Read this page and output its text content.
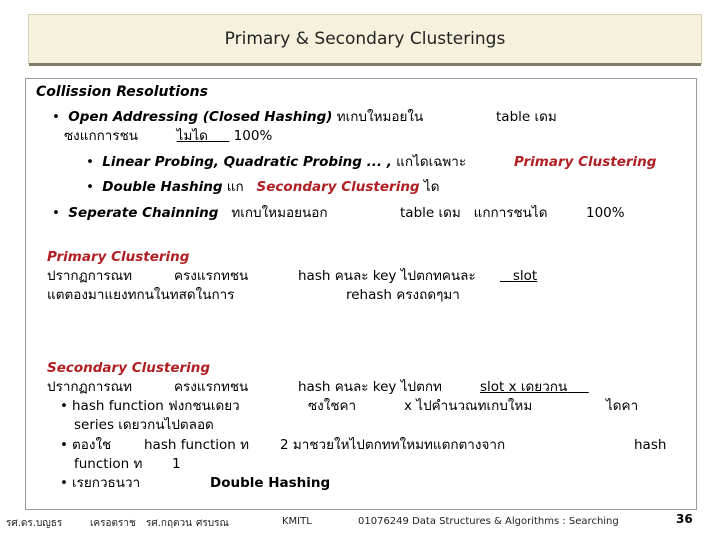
Primary & Secondary Clusterings
Collission Resolutions
• Open Addressing (Closed Hashing) ทเกบใหมอยใน	table เดม
ซงแกการชน	ไมได 100%
• Linear Probing, Quadratic Probing ... , แกไดเฉพาะ	Primary Clustering
• Double Hashing แก Secondary Clustering ได
• Seperate Chainning ทเกบใหมอยนอก	table เดม แกการชนได	100%
Primary Clustering
ปรากฏการณท	ครงแรกทชน	hash คนละ key ไปตกทคนละ	slot
แตตองมาแยงทกนในทสดในการ	rehash ครงถดๆมา
Secondary Clustering
ปรากฏการณท	ครงแรกทชน	hash คนละ key ไปตกท	slot x เดยวกน
• hash function ฟงกชนเดยว	ซงใชคา	x ไปคำนวณทเกบใหม	ไดคา
series เดยวกนไปตลอด
• ตองใช hash function ท 2 มาชวยใหไปตกททใหมทแตกตางจาก	hash
function ท 1
• เรยกวธนวา	Double Hashing
รศ.ดร.บญธร	เครอตราช รศ.กฤตวน ศรบรณ	KMITL	01076249 Data Structures & Algorithms : Searching	36
